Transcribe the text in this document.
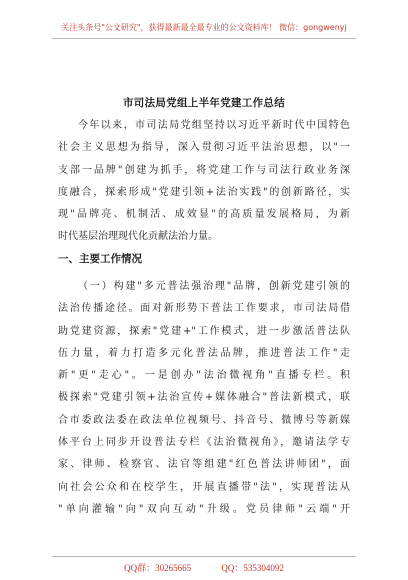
关注头条号"公文研究"，获得最新最全最专业的公文资料库！ 微信：gongwenyj
市司法局党组上半年党建工作总结
今年以来，市司法局党组坚持以习近平新时代中国特色
社会主义思想为指导，深入贯彻习近平法治思想，以"一
支部一品牌"创建为抓手，将党建工作与司法行政业务深
度融合，探索形成"党建引领+法治实践"的创新路径，实
现"品牌亮、机制活、成效显"的高质量发展格局，为新
时代基层治理现代化贡献法治力量。
一、主要工作情况
（一）构建"多元普法强治理"品牌，创新党建引领的
法治传播途径。面对新形势下普法工作要求，市司法局借
助党建资源，探索"党建+"工作模式，进一步激活普法队
伍力量，着力打造多元化普法品牌，推进普法工作"走
新"更"走心"。一是创办"法治微视角"直播专栏。积
极探索"党建引领+法治宣传+媒体融合"普法新模式，联
合市委政法委在政法单位视频号、抖音号、微博号等新媒
体平台上同步开设普法专栏《法治微视角》，邀请法学专
家、律师、检察官、法官等组建"红色普法讲师团"，面
向社会公众和在校学生，开展直播带"法"，实现普法从
"单向灌输"向"双向互动"升级。党员律师"云端"开
QQ群：30265665	QQ：535304092
